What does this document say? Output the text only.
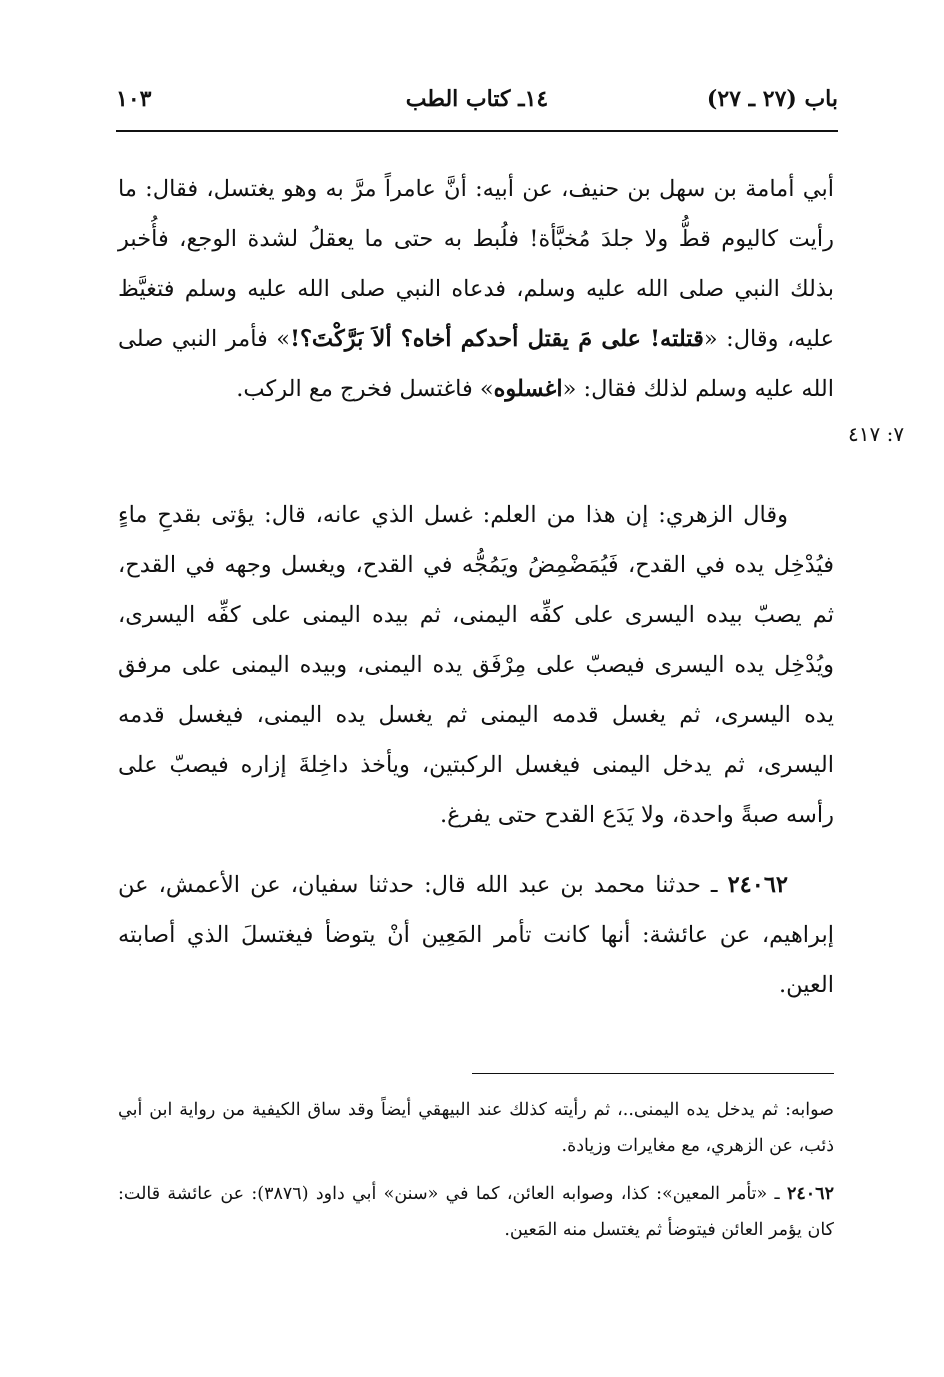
باب (٢٧ ـ ٢٧)
١٤ـ كتاب الطب
١٠٣
أبي أمامة بن سهل بن حنيف، عن أبيه: أنَّ عامراً مرَّ به وهو يغتسل، فقال: ما رأيت كاليوم قطُّ ولا جلدَ مُخبَّأة! فلُبط به حتى ما يعقلُ لشدة الوجع، فأُخبر بذلك النبي صلى الله عليه وسلم، فدعاه النبي صلى الله عليه وسلم فتغيَّظ عليه، وقال: «قتلته! على مَ يقتل أحدكم أخاه؟ ألاَ بَرَّكْتَ؟!» فأمر النبي صلى الله عليه وسلم لذلك فقال: «اغسلوه» فاغتسل فخرج مع الركب.
٧: ٤١٧
وقال الزهري: إن هذا من العلم: غسل الذي عانه، قال: يؤتى بقدحِ ماءٍ فيُدْخِل يده في القدح، فَيُمَضْمِضُ ويَمُجُّه في القدح، ويغسل وجهه في القدح، ثم يصبّ بيده اليسرى على كفِّه اليمنى، ثم بيده اليمنى على كفِّه اليسرى، ويُدْخِل يده اليسرى فيصبّ على مِرْفَق يده اليمنى، وبيده اليمنى على مرفق يده اليسرى، ثم يغسل قدمه اليمنى ثم يغسل يده اليمنى، فيغسل قدمه اليسرى، ثم يدخل اليمنى فيغسل الركبتين، ويأخذ داخِلةَ إزاره فيصبّ على رأسه صبةً واحدة، ولا يَدَع القدح حتى يفرغ.
٢٤٠٦٢ ـ حدثنا محمد بن عبد الله قال: حدثنا سفيان، عن الأعمش، عن إبراهيم، عن عائشة: أنها كانت تأمر المَعِين أنْ يتوضأ فيغتسلَ الذي أصابته العين.

صوابه: ثم يدخل يده اليمنى..، ثم رأيته كذلك عند البيهقي أيضاً وقد ساق الكيفية من رواية ابن أبي ذئب، عن الزهري، مع مغايرات وزيادة.

٢٤٠٦٢ ـ «تأمر المعين»: كذا، وصوابه العائن، كما في «سنن» أبي داود (٣٨٧٦): عن عائشة قالت: كان يؤمر العائن فيتوضأ ثم يغتسل منه المَعين.
